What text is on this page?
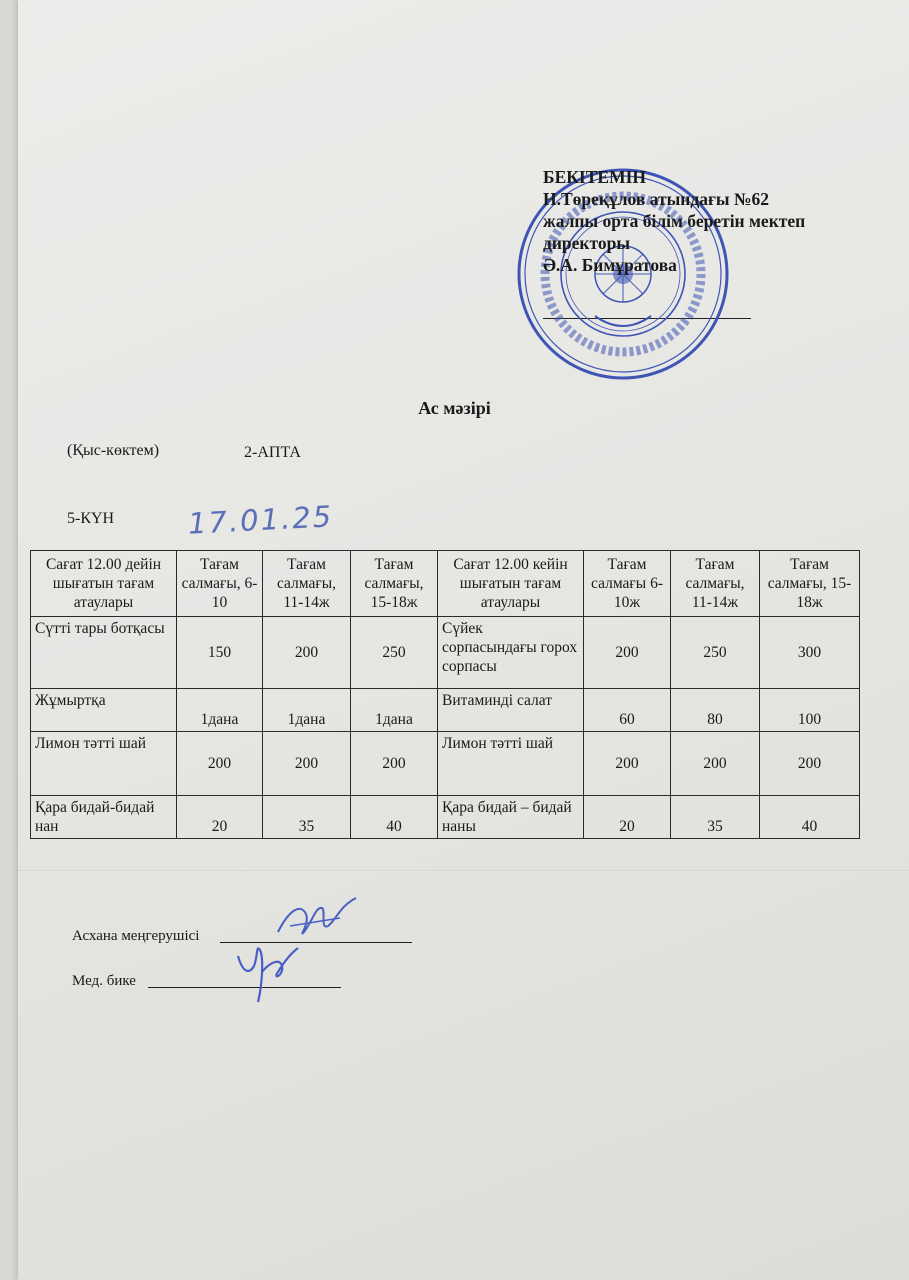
БЕКІТЕМІН
Н.Төреқұлов атындағы №62
жалпы орта білім беретін мектеп
директоры
Ә.А. Бимұратова
Ас мәзірі
(Қыс-көктем)	2-АПТА
5-КҮН	17.01.25
Сағат 12.00 дейін шығатын тағам атаулары	Тағам салмағы, 6-10	Тағам салмағы, 11-14ж	Тағам салмағы, 15-18ж	Сағат 12.00 кейін шығатын тағам атаулары	Тағам салмағы 6-10ж	Тағам салмағы, 11-14ж	Тағам салмағы, 15-18ж
Сүтті тары ботқасы	150	200	250	Сүйек сорпасындағы горох сорпасы	200	250	300
Жұмыртқа	1дана	1дана	1дана	Витаминді салат	60	80	100
Лимон тәтті шай	200	200	200	Лимон тәтті шай	200	200	200
Қара бидай-бидай нан	20	35	40	Қара бидай – бидай наны	20	35	40
Асхана меңгерушісі
Мед. бике
